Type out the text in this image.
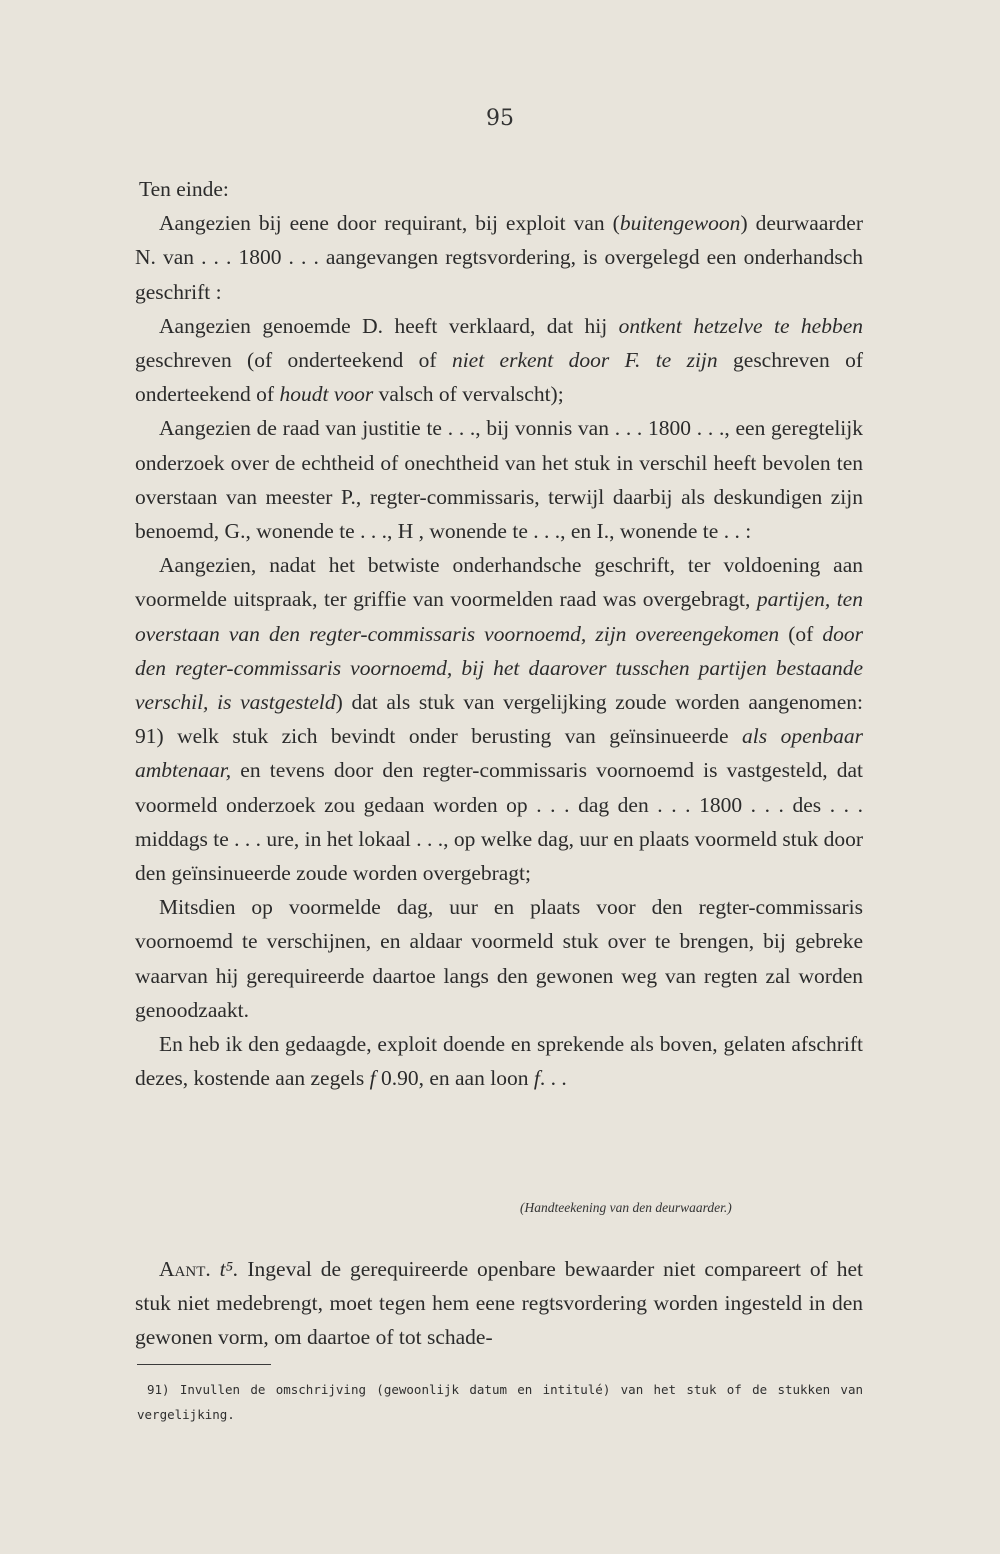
95

Ten einde:

Aangezien bij eene door requirant, bij exploit van (buitengewoon) deurwaarder N. van . . . 1800 . . . aangevangen regtsvordering, is overgelegd een onderhandsch geschrift :

Aangezien genoemde D. heeft verklaard, dat hij ontkent hetzelve te hebben geschreven (of onderteekend of niet erkent door F. te zijn geschreven of onderteekend of houdt voor valsch of vervalscht);

Aangezien de raad van justitie te . . ., bij vonnis van . . . 1800 . . ., een geregtelijk onderzoek over de echtheid of onechtheid van het stuk in verschil heeft bevolen ten overstaan van meester P., regter-commissaris, terwijl daarbij als deskundigen zijn benoemd, G., wonende te . . ., H , wonende te . . ., en I., wonende te . . :

Aangezien, nadat het betwiste onderhandsche geschrift, ter voldoening aan voormelde uitspraak, ter griffie van voormelden raad was overgebragt, partijen, ten overstaan van den regter-commissaris voornoemd, zijn overeengekomen (of door den regter-commissaris voornoemd, bij het daarover tusschen partijen bestaande verschil, is vastgesteld) dat als stuk van vergelijking zoude worden aangenomen: 91) welk stuk zich bevindt onder berusting van geïnsinueerde als openbaar ambtenaar, en tevens door den regter-commissaris voornoemd is vastgesteld, dat voormeld onderzoek zou gedaan worden op . . . dag den . . . 1800 . . . des . . . middags te . . . ure, in het lokaal . . ., op welke dag, uur en plaats voormeld stuk door den geïnsinueerde zoude worden overgebragt;

Mitsdien op voormelde dag, uur en plaats voor den regter-commissaris voornoemd te verschijnen, en aldaar voormeld stuk over te brengen, bij gebreke waarvan hij gerequireerde daartoe langs den gewonen weg van regten zal worden genoodzaakt.

En heb ik den gedaagde, exploit doende en sprekende als boven, gelaten afschrift dezes, kostende aan zegels f 0.90, en aan loon f. . .

(Handteekening van den deurwaarder.)

Aant. t⁵. Ingeval de gerequireerde openbare bewaarder niet compareert of het stuk niet medebrengt, moet tegen hem eene regtsvordering worden ingesteld in den gewonen vorm, om daartoe of tot schade-

91) Invullen de omschrijving (gewoonlijk datum en intitulé) van het stuk of de stukken van vergelijking.
